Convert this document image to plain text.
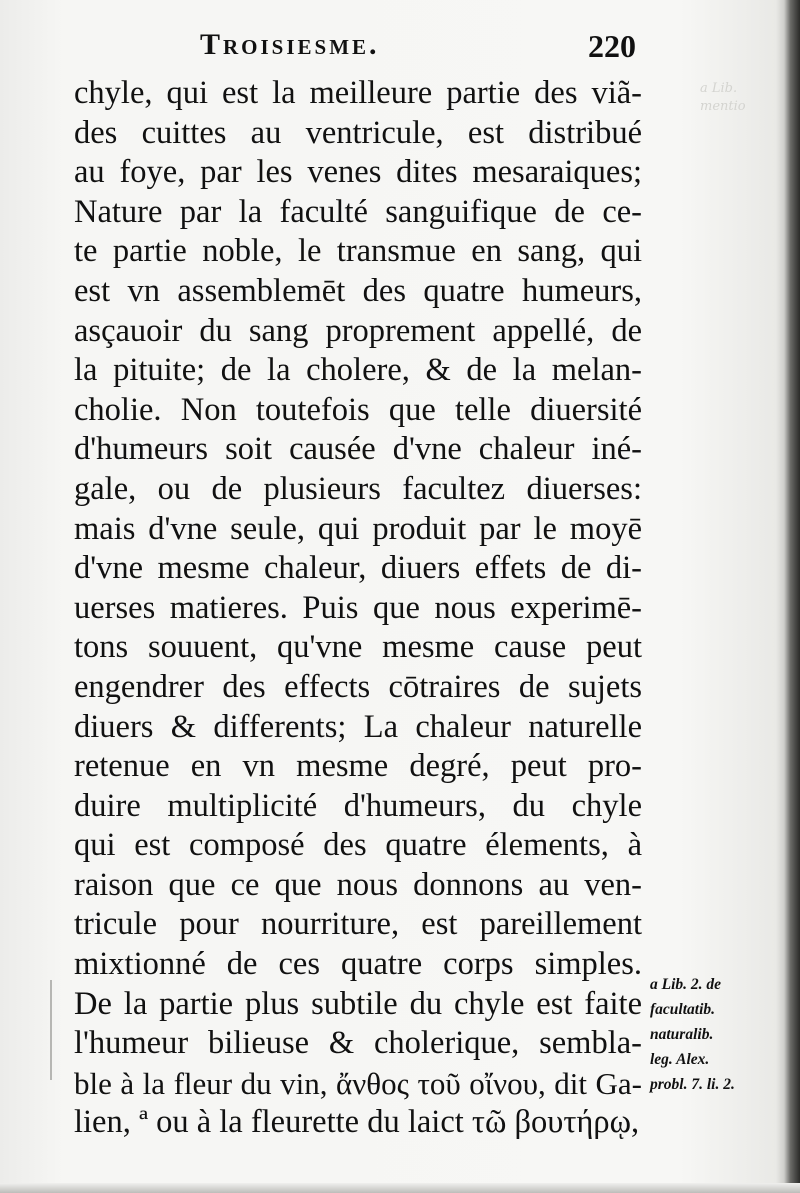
a Lib.
mentio
Troisiesme.	220
chyle, qui est la meilleure partie des viã-
des cuittes au ventricule, est distribué
au foye, par les venes dites mesaraiques;
Nature par la faculté sanguifique de ce-
te partie noble, le transmue en sang, qui
est vn assemblemēt des quatre humeurs,
asçauoir du sang proprement appellé, de
la pituite; de la cholere, & de la melan-
cholie. Non toutefois que telle diuersité
d'humeurs soit causée d'vne chaleur iné-
gale, ou de plusieurs facultez diuerses:
mais d'vne seule, qui produit par le moyē
d'vne mesme chaleur, diuers effets de di-
uerses matieres. Puis que nous experimē-
tons souuent, qu'vne mesme cause peut
engendrer des effects cōtraires de sujets
diuers & differents; La chaleur naturelle
retenue en vn mesme degré, peut pro-
duire multiplicité d'humeurs, du chyle
qui est composé des quatre élements, à
raison que ce que nous donnons au ven-
tricule pour nourriture, est pareillement
mixtionné de ces quatre corps simples.
De la partie plus subtile du chyle est faite
l'humeur bilieuse & cholerique, sembla-
ble à la fleur du vin, ἄνθος τοῦ οἴνου, dit Ga-
lien, ª ou à la fleurette du laict τῶ βουτήρῳ,
a Lib. 2. de
facultatib.
naturalib.
leg. Alex.
probl. 7. li. 2.
